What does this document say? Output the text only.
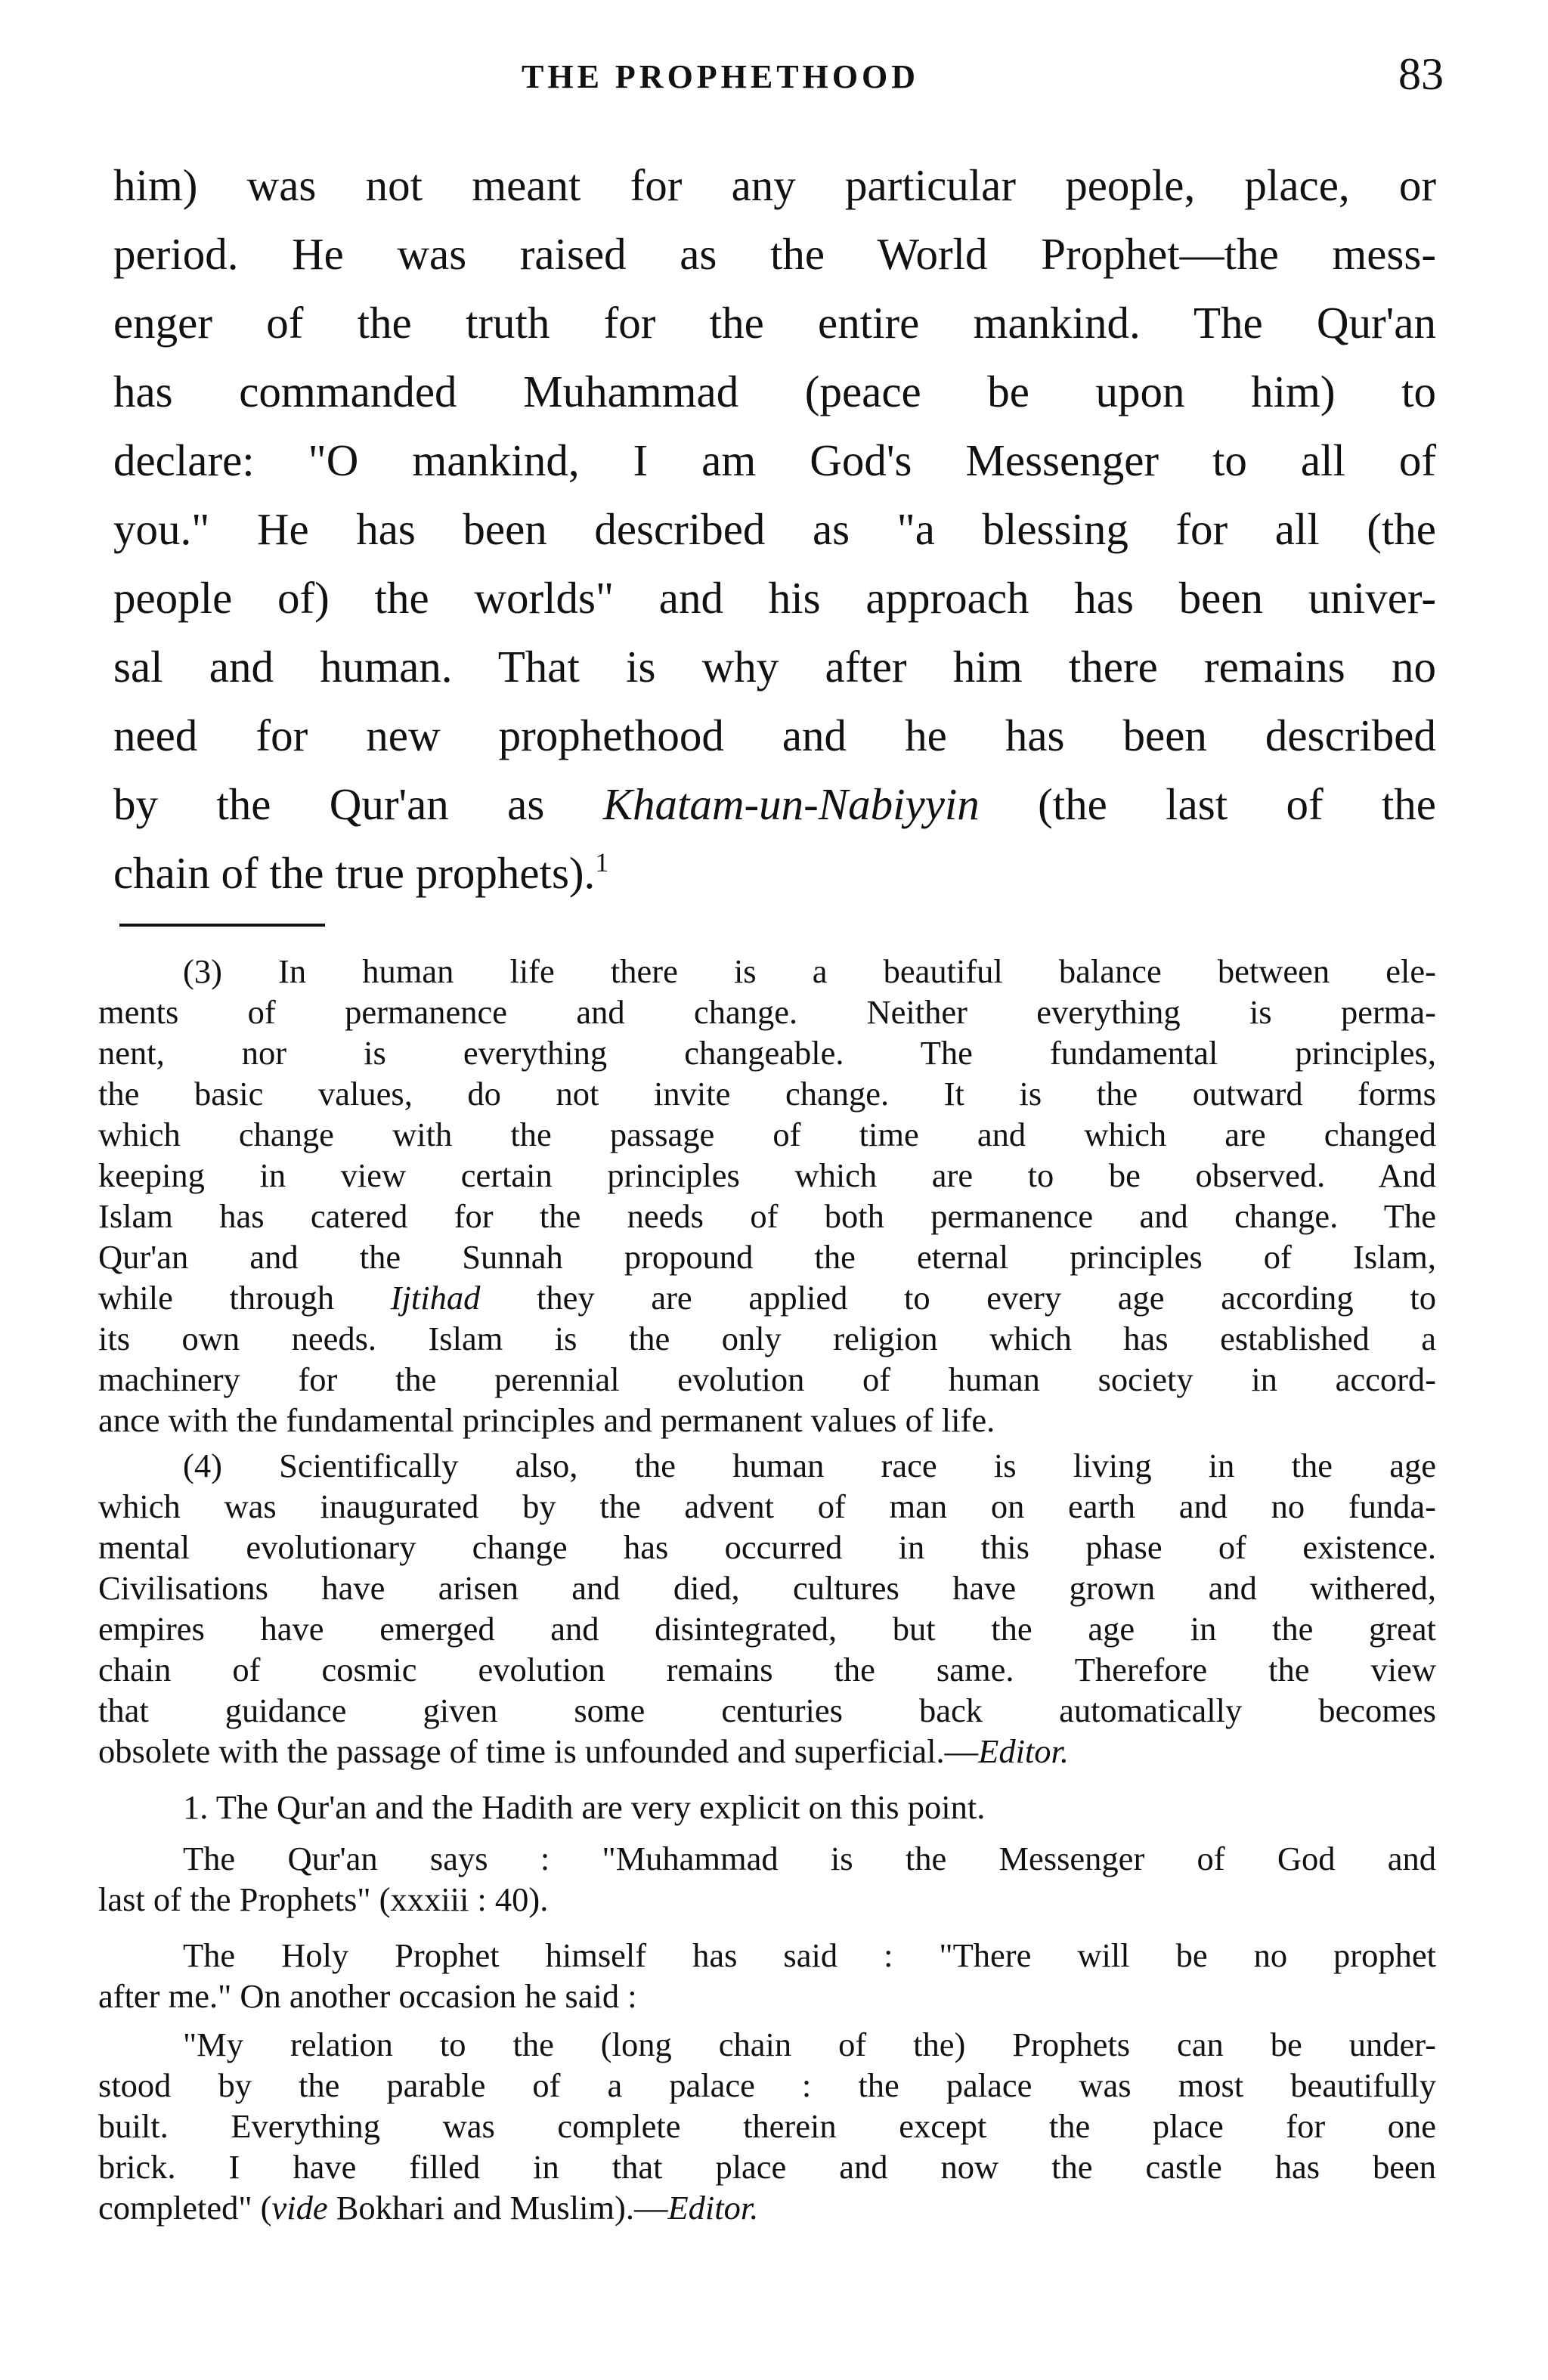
THE PROPHETHOOD	83
him) was not meant for any particular people, place, or
period. He was raised as the World Prophet—the mess-
enger of the truth for the entire mankind. The Qur'an
has commanded Muhammad (peace be upon him) to
declare: "O mankind, I am God's Messenger to all of
you." He has been described as "a blessing for all (the
people of) the worlds" and his approach has been univer-
sal and human. That is why after him there remains no
need for new prophethood and he has been described
by the Qur'an as Khatam-un-Nabiyyin (the last of the
chain of the true prophets).$^1$
(3) In human life there is a beautiful balance between ele-
ments of permanence and change. Neither everything is perma-
nent, nor is everything changeable. The fundamental principles,
the basic values, do not invite change. It is the outward forms
which change with the passage of time and which are changed
keeping in view certain principles which are to be observed. And
Islam has catered for the needs of both permanence and change. The
Qur'an and the Sunnah propound the eternal principles of Islam,
while through Ijtihad they are applied to every age according to
its own needs. Islam is the only religion which has established a
machinery for the perennial evolution of human society in accord-
ance with the fundamental principles and permanent values of life.
(4) Scientifically also, the human race is living in the age
which was inaugurated by the advent of man on earth and no funda-
mental evolutionary change has occurred in this phase of existence.
Civilisations have arisen and died, cultures have grown and withered,
empires have emerged and disintegrated, but the age in the great
chain of cosmic evolution remains the same. Therefore the view
that guidance given some centuries back automatically becomes
obsolete with the passage of time is unfounded and superficial.—Editor.
1. The Qur'an and the Hadith are very explicit on this point.
The Qur'an says : "Muhammad is the Messenger of God and
last of the Prophets" (xxxiii : 40).
The Holy Prophet himself has said : "There will be no prophet
after me." On another occasion he said :
"My relation to the (long chain of the) Prophets can be under-
stood by the parable of a palace : the palace was most beautifully
built. Everything was complete therein except the place for one
brick. I have filled in that place and now the castle has been
completed" (vide Bokhari and Muslim).—Editor.
